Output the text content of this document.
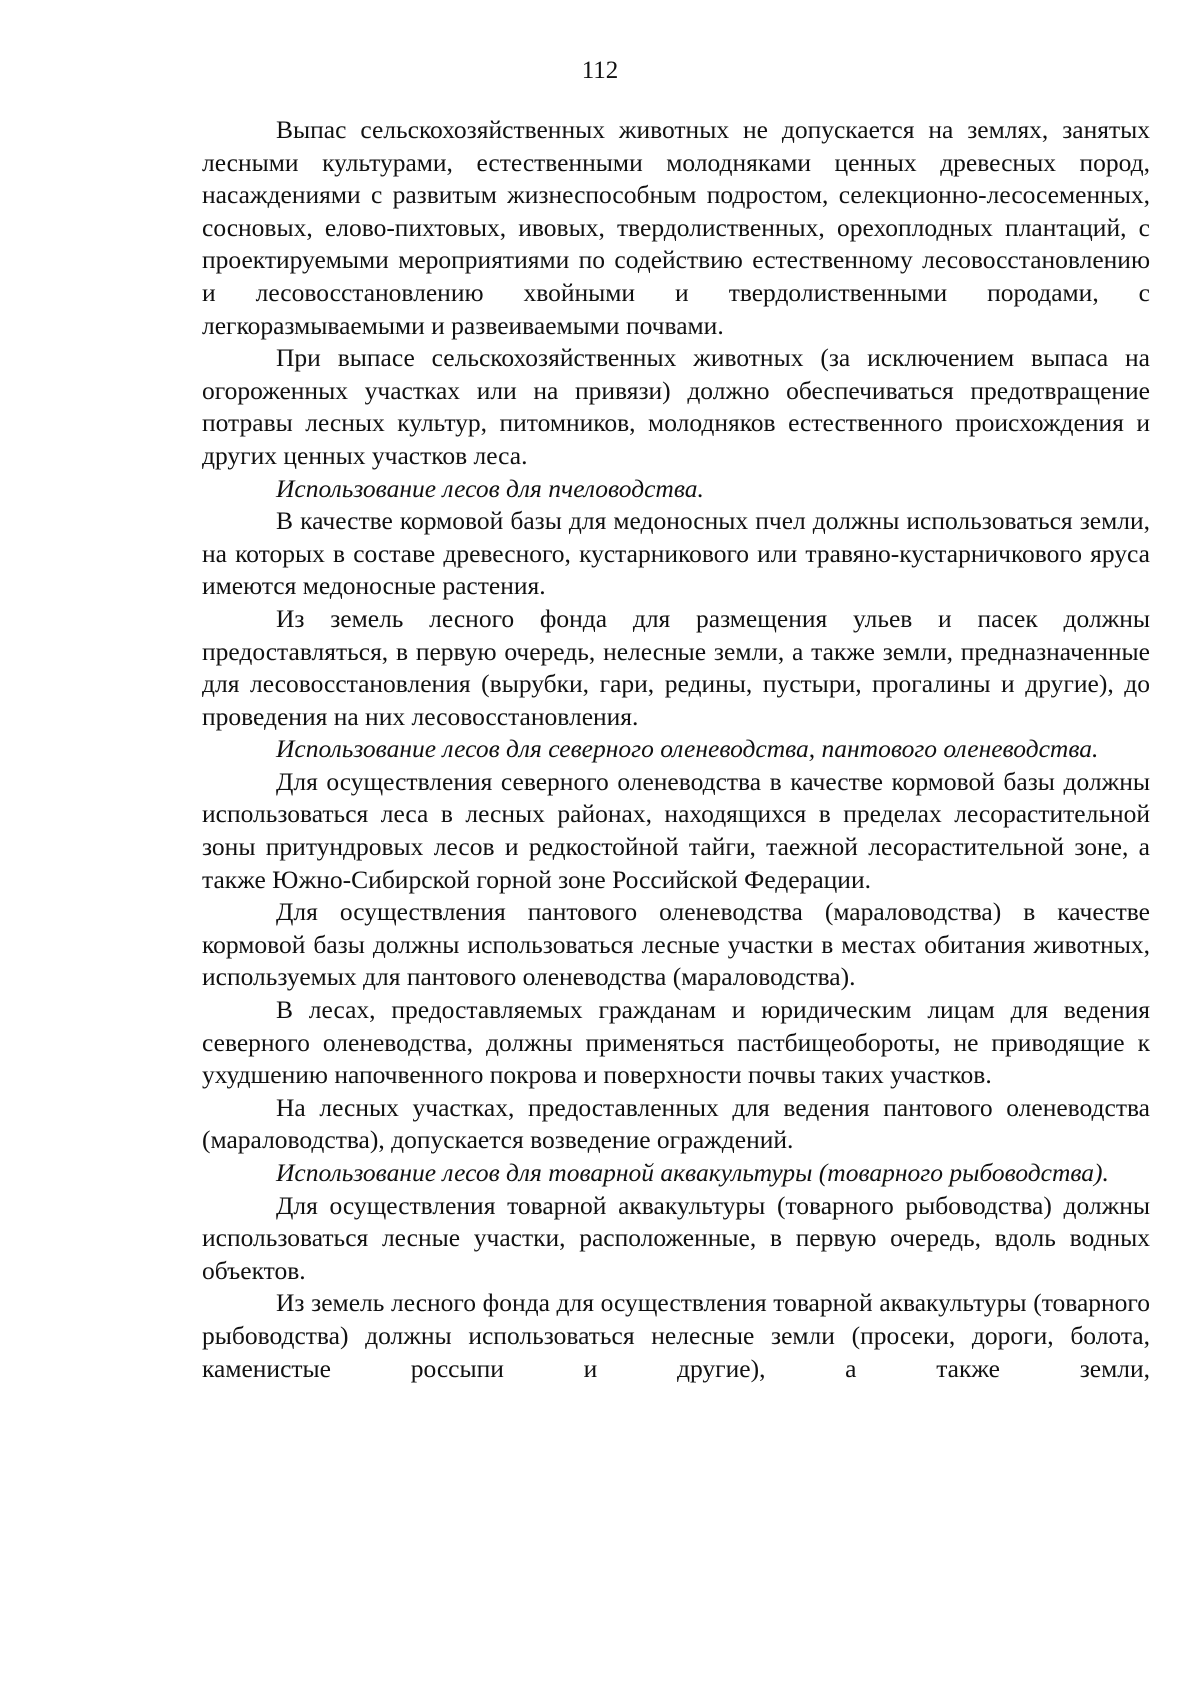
112

Выпас сельскохозяйственных животных не допускается на землях, занятых лесными культурами, естественными молодняками ценных древесных пород, насаждениями с развитым жизнеспособным подростом, селекционно-лесосеменных, сосновых, елово-пихтовых, ивовых, твердолиственных, орехоплодных плантаций, с проектируемыми мероприятиями по содействию естественному лесовосстановлению и лесовосстановлению хвойными и твердолиственными породами, с легкоразмываемыми и развеиваемыми почвами.

При выпасе сельскохозяйственных животных (за исключением выпаса на огороженных участках или на привязи) должно обеспечиваться предотвращение потравы лесных культур, питомников, молодняков естественного происхождения и других ценных участков леса.

Использование лесов для пчеловодства.

В качестве кормовой базы для медоносных пчел должны использоваться земли, на которых в составе древесного, кустарникового или травяно-кустарничкового яруса имеются медоносные растения.

Из земель лесного фонда для размещения ульев и пасек должны предоставляться, в первую очередь, нелесные земли, а также земли, предназначенные для лесовосстановления (вырубки, гари, редины, пустыри, прогалины и другие), до проведения на них лесовосстановления.

Использование лесов для северного оленеводства, пантового оленеводства.

Для осуществления северного оленеводства в качестве кормовой базы должны использоваться леса в лесных районах, находящихся в пределах лесорастительной зоны притундровых лесов и редкостойной тайги, таежной лесорастительной зоне, а также Южно-Сибирской горной зоне Российской Федерации.

Для осуществления пантового оленеводства (мараловодства) в качестве кормовой базы должны использоваться лесные участки в местах обитания животных, используемых для пантового оленеводства (мараловодства).

В лесах, предоставляемых гражданам и юридическим лицам для ведения северного оленеводства, должны применяться пастбищеобороты, не приводящие к ухудшению напочвенного покрова и поверхности почвы таких участков.

На лесных участках, предоставленных для ведения пантового оленеводства (мараловодства), допускается возведение ограждений.

Использование лесов для товарной аквакультуры (товарного рыбоводства).

Для осуществления товарной аквакультуры (товарного рыбоводства) должны использоваться лесные участки, расположенные, в первую очередь, вдоль водных объектов.

Из земель лесного фонда для осуществления товарной аквакультуры (товарного рыбоводства) должны использоваться нелесные земли (просеки, дороги, болота, каменистые россыпи и другие), а также земли,
